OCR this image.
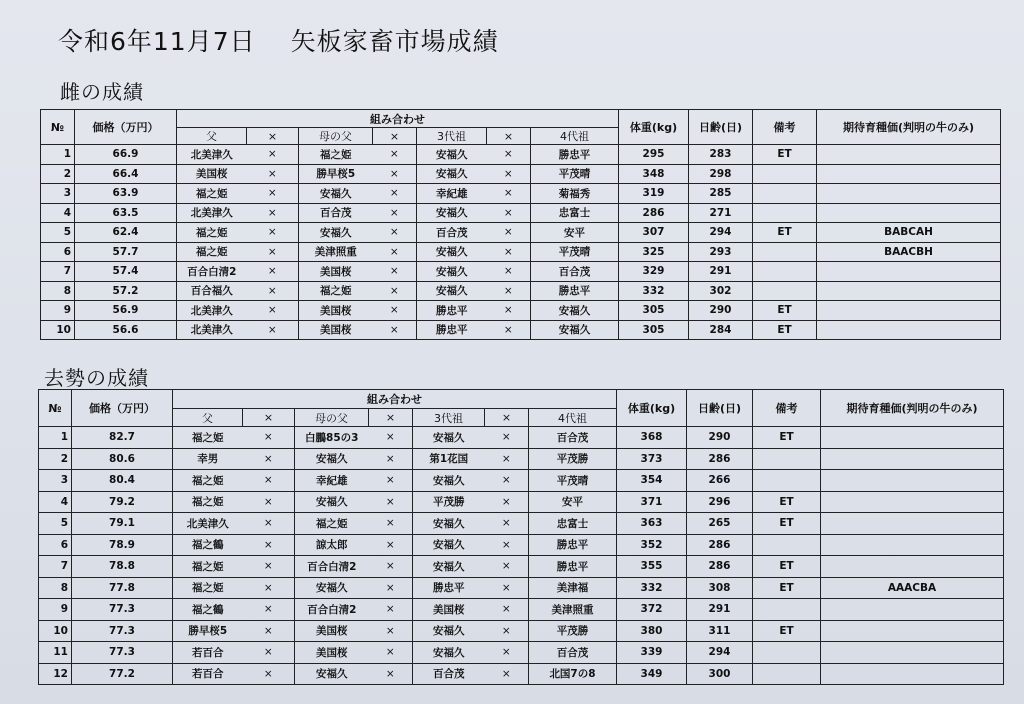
令和6年11月7日　 矢板家畜市場成績
雌の成績
№	価格（万円）	組み合わせ							体重(kg)	日齢(日)	備考	期待育種価(判明の牛のみ)
		父	×	母の父	×	3代祖	×	4代祖				
1	66.9	北美津久	×	福之姫	×	安福久	×	勝忠平	295	283	ET	
2	66.4	美国桜	×	勝早桜5	×	安福久	×	平茂晴	348	298		
3	63.9	福之姫	×	安福久	×	幸紀雄	×	菊福秀	319	285		
4	63.5	北美津久	×	百合茂	×	安福久	×	忠富士	286	271		
5	62.4	福之姫	×	安福久	×	百合茂	×	安平	307	294	ET	BABCAH
6	57.7	福之姫	×	美津照重	×	安福久	×	平茂晴	325	293		BAACBH
7	57.4	百合白清2	×	美国桜	×	安福久	×	百合茂	329	291		
8	57.2	百合福久	×	福之姫	×	安福久	×	勝忠平	332	302		
9	56.9	北美津久	×	美国桜	×	勝忠平	×	安福久	305	290	ET	
10	56.6	北美津久	×	美国桜	×	勝忠平	×	安福久	305	284	ET	
去勢の成績
№	価格（万円）	組み合わせ							体重(kg)	日齢(日)	備考	期待育種価(判明の牛のみ)
		父	×	母の父	×	3代祖	×	4代祖				
1	82.7	福之姫	×	白鵬85の3	×	安福久	×	百合茂	368	290	ET	
2	80.6	幸男	×	安福久	×	第1花国	×	平茂勝	373	286		
3	80.4	福之姫	×	幸紀雄	×	安福久	×	平茂晴	354	266		
4	79.2	福之姫	×	安福久	×	平茂勝	×	安平	371	296	ET	
5	79.1	北美津久	×	福之姫	×	安福久	×	忠富士	363	265	ET	
6	78.9	福之鶴	×	諒太郎	×	安福久	×	勝忠平	352	286		
7	78.8	福之姫	×	百合白清2	×	安福久	×	勝忠平	355	286	ET	
8	77.8	福之姫	×	安福久	×	勝忠平	×	美津福	332	308	ET	AAACBA
9	77.3	福之鶴	×	百合白清2	×	美国桜	×	美津照重	372	291		
10	77.3	勝早桜5	×	美国桜	×	安福久	×	平茂勝	380	311	ET	
11	77.3	若百合	×	美国桜	×	安福久	×	百合茂	339	294		
12	77.2	若百合	×	安福久	×	百合茂	×	北国7の8	349	300		
